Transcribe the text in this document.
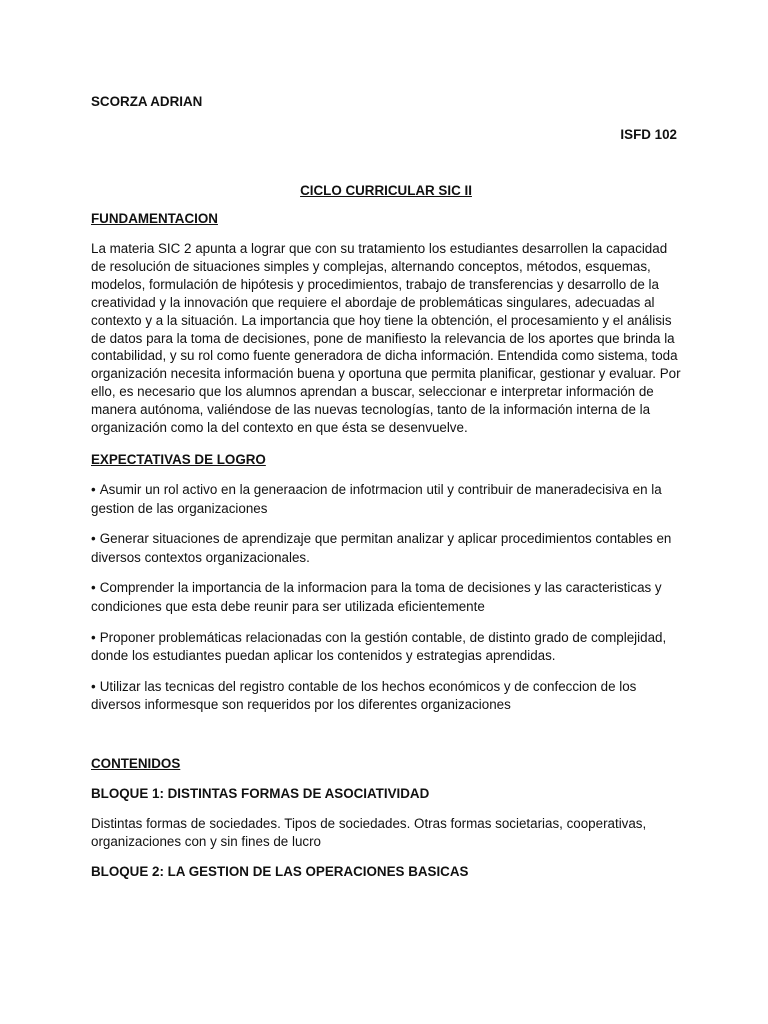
SCORZA ADRIAN
ISFD 102
CICLO CURRICULAR SIC II
FUNDAMENTACION

La materia SIC 2 apunta a lograr que con su tratamiento los estudiantes desarrollen la capacidad de resolución de situaciones simples y complejas, alternando conceptos, métodos, esquemas, modelos, formulación de hipótesis y procedimientos, trabajo de transferencias y desarrollo de la creatividad y la innovación que requiere el abordaje de problemáticas singulares, adecuadas al contexto y a la situación. La importancia que hoy tiene la obtención, el procesamiento y el análisis de datos para la toma de decisiones, pone de manifiesto la relevancia de los aportes que brinda la contabilidad, y su rol como fuente generadora de dicha información. Entendida como sistema, toda organización necesita información buena y oportuna que permita planificar, gestionar y evaluar. Por ello, es necesario que los alumnos aprendan a buscar, seleccionar e interpretar información de manera autónoma, valiéndose de las nuevas tecnologías, tanto de la información interna de la organización como la del contexto en que ésta se desenvuelve.

EXPECTATIVAS DE LOGRO
• Asumir un rol activo en la generaacion de infotrmacion util y contribuir de maneradecisiva en la gestion de las organizaciones
• Generar situaciones de aprendizaje que permitan analizar y aplicar procedimientos contables en diversos contextos organizacionales.
• Comprender la importancia de la informacion para la toma de decisiones y las caracteristicas y condiciones que esta debe reunir para ser utilizada eficientemente
• Proponer problemáticas relacionadas con la gestión contable, de distinto grado de complejidad, donde los estudiantes puedan aplicar los contenidos y estrategias aprendidas.
• Utilizar las tecnicas del registro contable de los hechos económicos y de confeccion de los diversos informesque son requeridos por los diferentes organizaciones
CONTENIDOS
BLOQUE 1: DISTINTAS FORMAS DE ASOCIATIVIDAD

Distintas formas de sociedades. Tipos de sociedades. Otras formas societarias, cooperativas, organizaciones con y sin fines de lucro

BLOQUE 2: LA GESTION DE LAS OPERACIONES BASICAS
